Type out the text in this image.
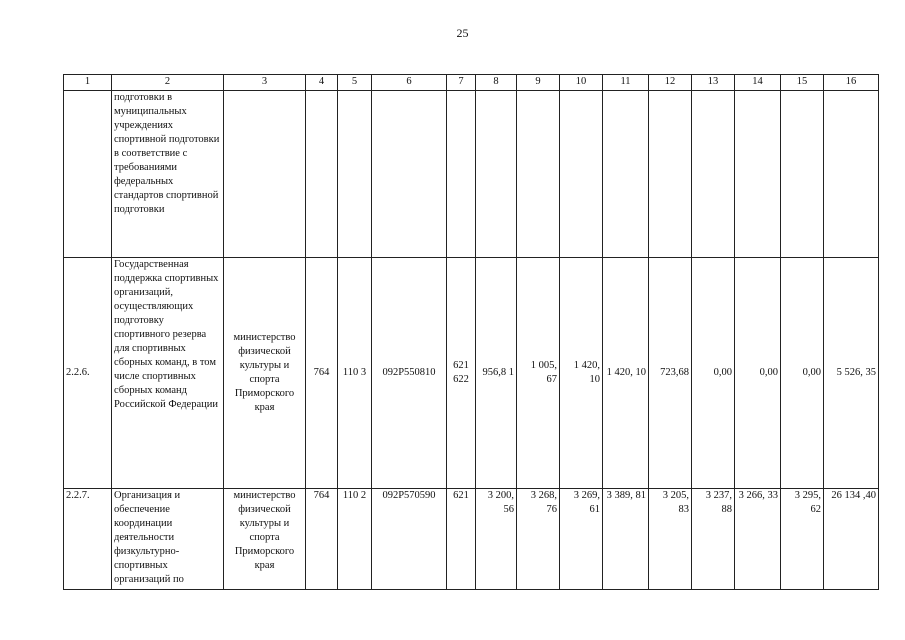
25
1	2	3	4	5	6	7	8	9	10	11	12	13	14	15	16
	подготовки в муниципальных учреждениях спортивной подготовки в соответствие с требованиями федеральных стандартов спортивной подготовки														
2.2.6.	Государственная поддержка спортивных организаций, осуществляющих подготовку спортивного резерва для спортивных сборных команд, в том числе спортивных сборных команд Российской Федерации	министерство физической культуры и спорта Приморского края	764	110 3	092Р550810	621 622	956,8 1	1 005, 67	1 420, 10	1 420, 10	723,68	0,00	0,00	0,00	5 526, 35
2.2.7.	Организация и обеспечение координации деятельности физкультурно-спортивных организаций по	министерство физической культуры и спорта Приморского края	764	110 2	092Р570590	621	3 200, 56	3 268, 76	3 269, 61	3 389, 81	3 205, 83	3 237, 88	3 266, 33	3 295, 62	26 134 ,40
